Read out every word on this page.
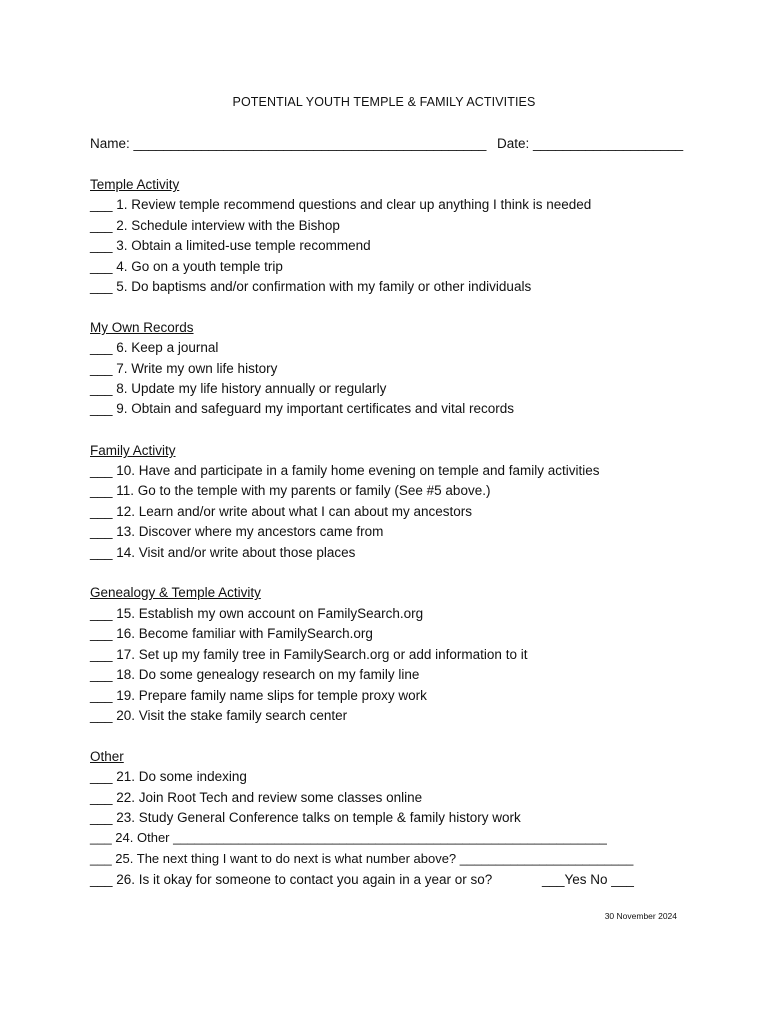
POTENTIAL YOUTH TEMPLE & FAMILY ACTIVITIES
Name: _______________________________________________ Date: ____________________
Temple Activity
___ 1. Review temple recommend questions and clear up anything I think is needed
___ 2. Schedule interview with the Bishop
___ 3. Obtain a limited-use temple recommend
___ 4. Go on a youth temple trip
___ 5. Do baptisms and/or confirmation with my family or other individuals
My Own Records
___ 6. Keep a journal
___ 7. Write my own life history
___ 8. Update my life history annually or regularly
___ 9. Obtain and safeguard my important certificates and vital records
Family Activity
___ 10. Have and participate in a family home evening on temple and family activities
___ 11. Go to the temple with my parents or family (See #5 above.)
___ 12. Learn and/or write about what I can about my ancestors
___ 13. Discover where my ancestors came from
___ 14. Visit and/or write about those places
Genealogy & Temple Activity
___ 15. Establish my own account on FamilySearch.org
___ 16. Become familiar with FamilySearch.org
___ 17. Set up my family tree in FamilySearch.org or add information to it
___ 18. Do some genealogy research on my family line
___ 19. Prepare family name slips for temple proxy work
___ 20. Visit the stake family search center
Other
___ 21. Do some indexing
___ 22. Join Root Tech and review some classes online
___ 23. Study General Conference talks on temple & family history work
___ 24. Other ____________________________________________________________
___ 25. The next thing I want to do next is what number above? ________________________
___ 26. Is it okay for someone to contact you again in a year or so?	___Yes No ___
30 November 2024
